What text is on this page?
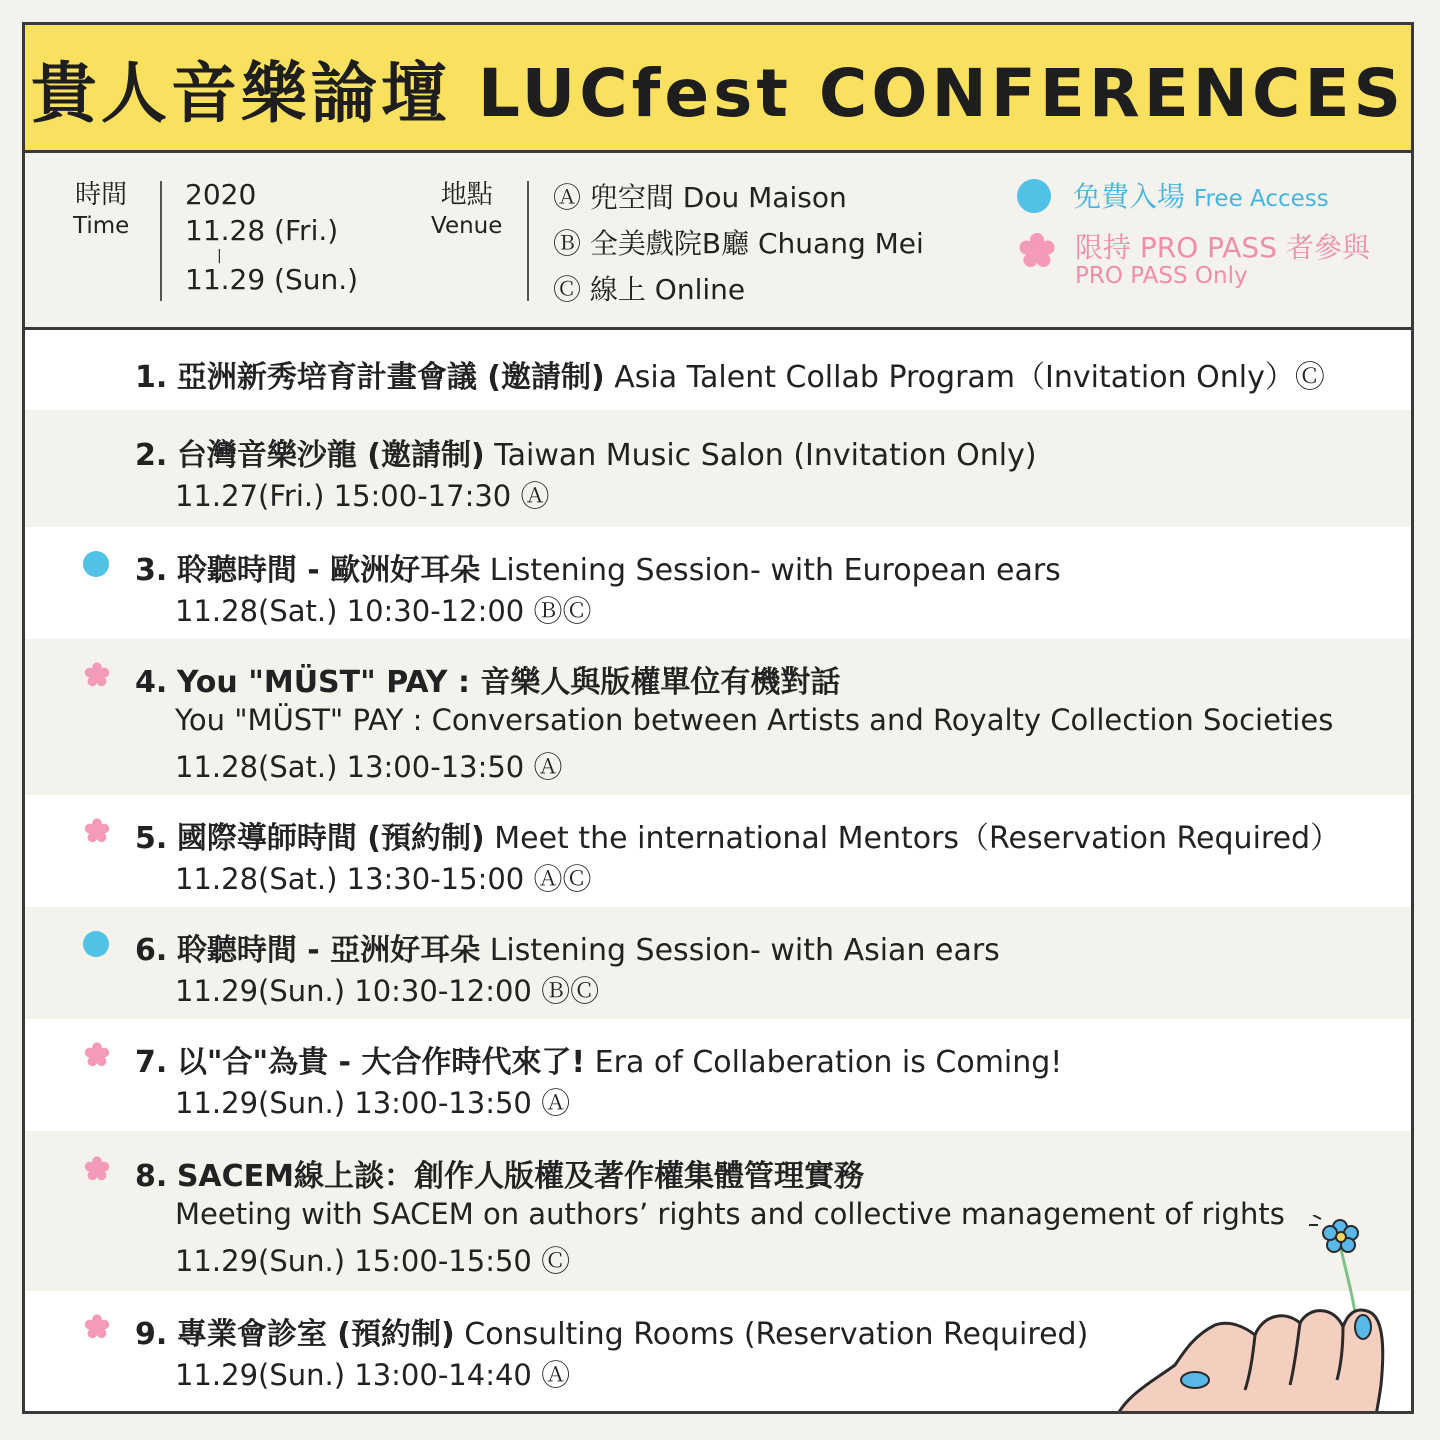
貴人音樂論壇 LUCfest CONFERENCES
時間
Time
2020
11.28 (Fri.)
|
11.29 (Sun.)
地點
Venue
Ⓐ 兜空間 Dou Maison
Ⓑ 全美戲院B廳 Chuang Mei
Ⓒ 線上 Online
免費入場 Free Access
限持 PRO PASS 者參與
PRO PASS Only
1. 亞洲新秀培育計畫會議 (邀請制) Asia Talent Collab Program（Invitation Only）Ⓒ
2. 台灣音樂沙龍 (邀請制) Taiwan Music Salon (Invitation Only)
11.27(Fri.) 15:00-17:30 Ⓐ
3. 聆聽時間 - 歐洲好耳朵 Listening Session- with European ears
11.28(Sat.) 10:30-12:00 ⒷⒸ
4. You "MÜST" PAY : 音樂人與版權單位有機對話
You "MÜST" PAY : Conversation between Artists and Royalty Collection Societies
11.28(Sat.) 13:00-13:50 Ⓐ
5. 國際導師時間 (預約制) Meet the international Mentors（Reservation Required）
11.28(Sat.) 13:30-15:00 ⒶⒸ
6. 聆聽時間 - 亞洲好耳朵 Listening Session- with Asian ears
11.29(Sun.) 10:30-12:00 ⒷⒸ
7. 以"合"為貴 - 大合作時代來了! Era of Collaberation is Coming!
11.29(Sun.) 13:00-13:50 Ⓐ
8. SACEM線上談：創作人版權及著作權集體管理實務
Meeting with SACEM on authors’ rights and collective management of rights
11.29(Sun.) 15:00-15:50 Ⓒ
9. 專業會診室 (預約制) Consulting Rooms (Reservation Required)
11.29(Sun.) 13:00-14:40 Ⓐ
